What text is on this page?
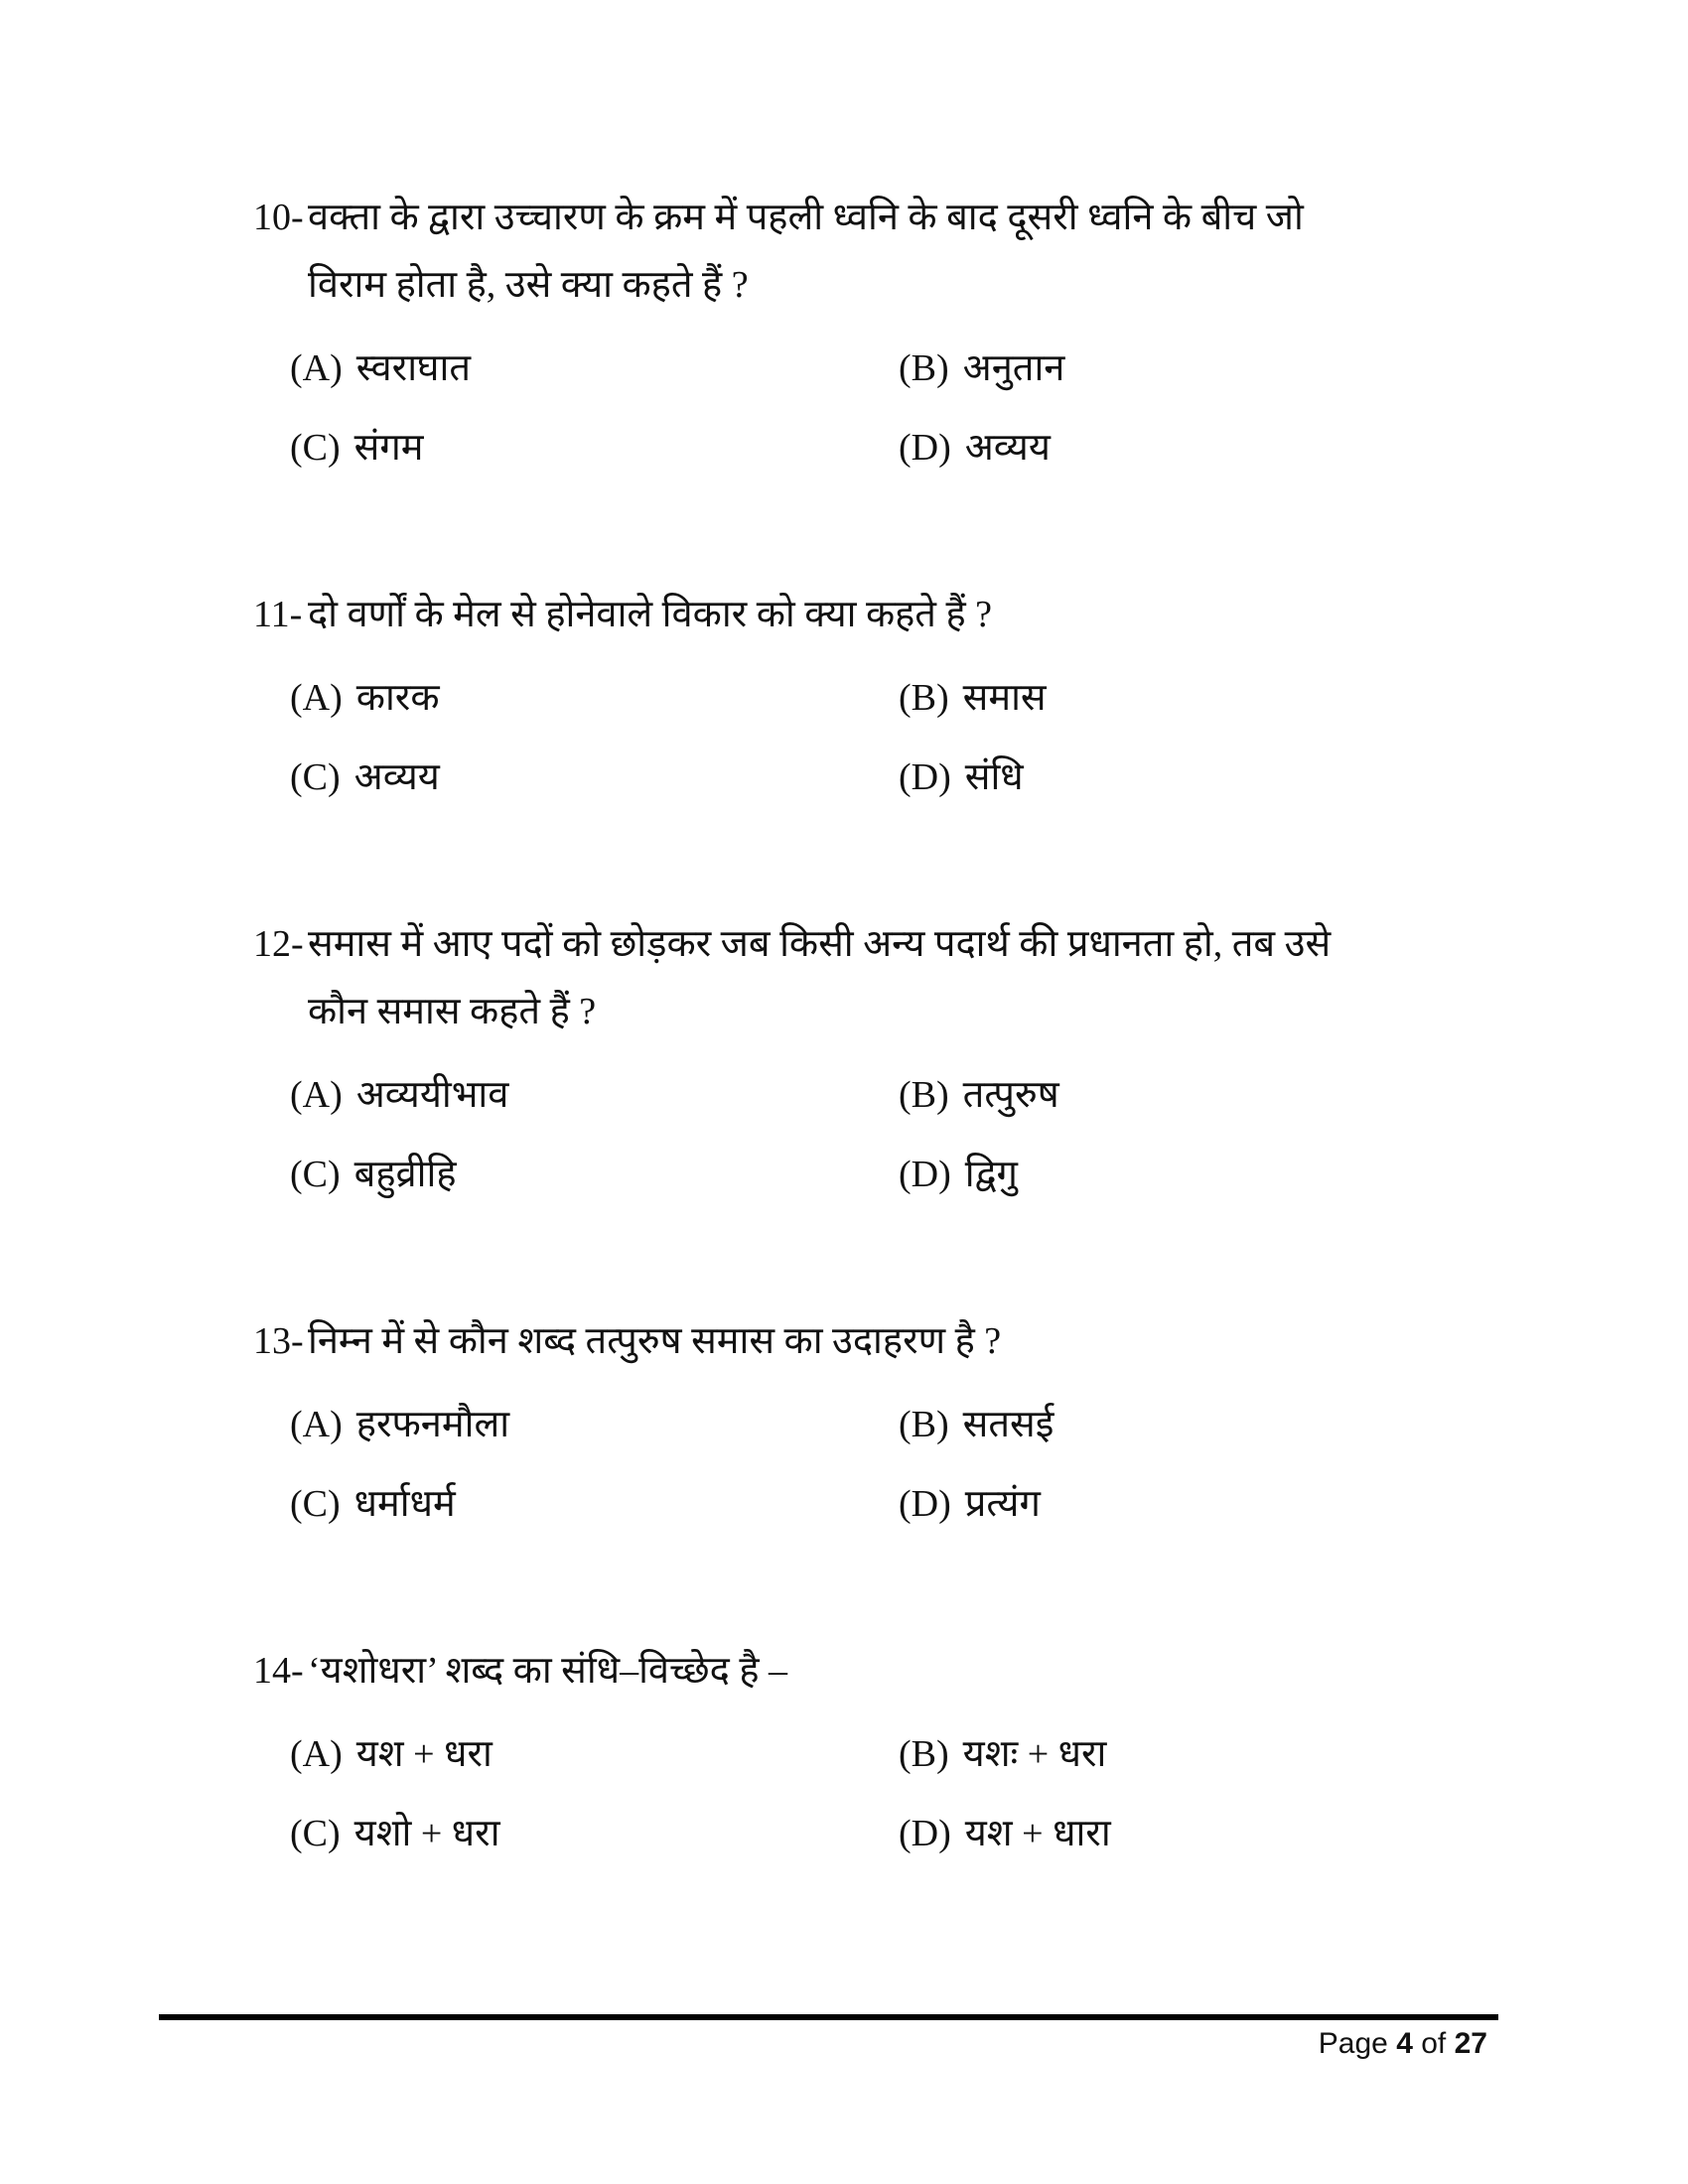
10- वक्ता के द्वारा उच्चारण के क्रम में पहली ध्वनि के बाद दूसरी ध्वनि के बीच जो विराम होता है, उसे क्या कहते हैं ?
(A) स्वराघात	(B) अनुतान
(C) संगम	(D) अव्यय
11- दो वर्णों के मेल से होनेवाले विकार को क्या कहते हैं ?
(A) कारक	(B) समास
(C) अव्यय	(D) संधि
12- समास में आए पदों को छोड़कर जब किसी अन्य पदार्थ की प्रधानता हो, तब उसे कौन समास कहते हैं ?
(A) अव्ययीभाव	(B) तत्पुरुष
(C) बहुव्रीहि	(D) द्विगु
13- निम्न में से कौन शब्द तत्पुरुष समास का उदाहरण है ?
(A) हरफनमौला	(B) सतसई
(C) धर्माधर्म	(D) प्रत्यंग
14- ‘यशोधरा’ शब्द का संधि–विच्छेद है –
(A) यश + धरा	(B) यशः + धरा
(C) यशो + धरा	(D) यश + धारा
Page 4 of 27
